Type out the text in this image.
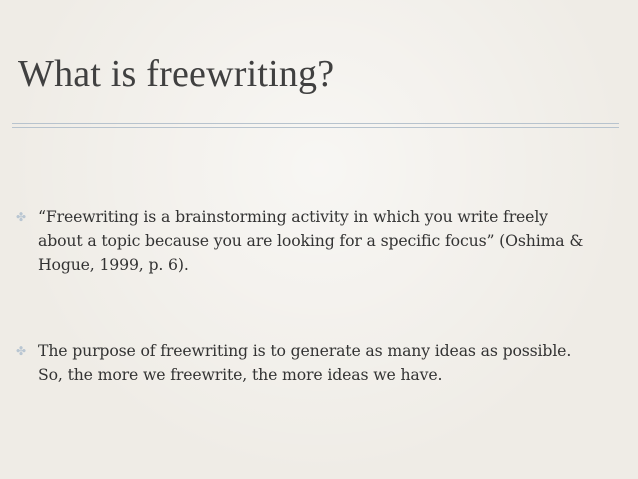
What is freewriting?
✤ “Freewriting is a brainstorming activity in which you write freely
about a topic because you are looking for a specific focus” (Oshima &
Hogue, 1999, p. 6).
✤ The purpose of freewriting is to generate as many ideas as possible.
So, the more we freewrite, the more ideas we have.
